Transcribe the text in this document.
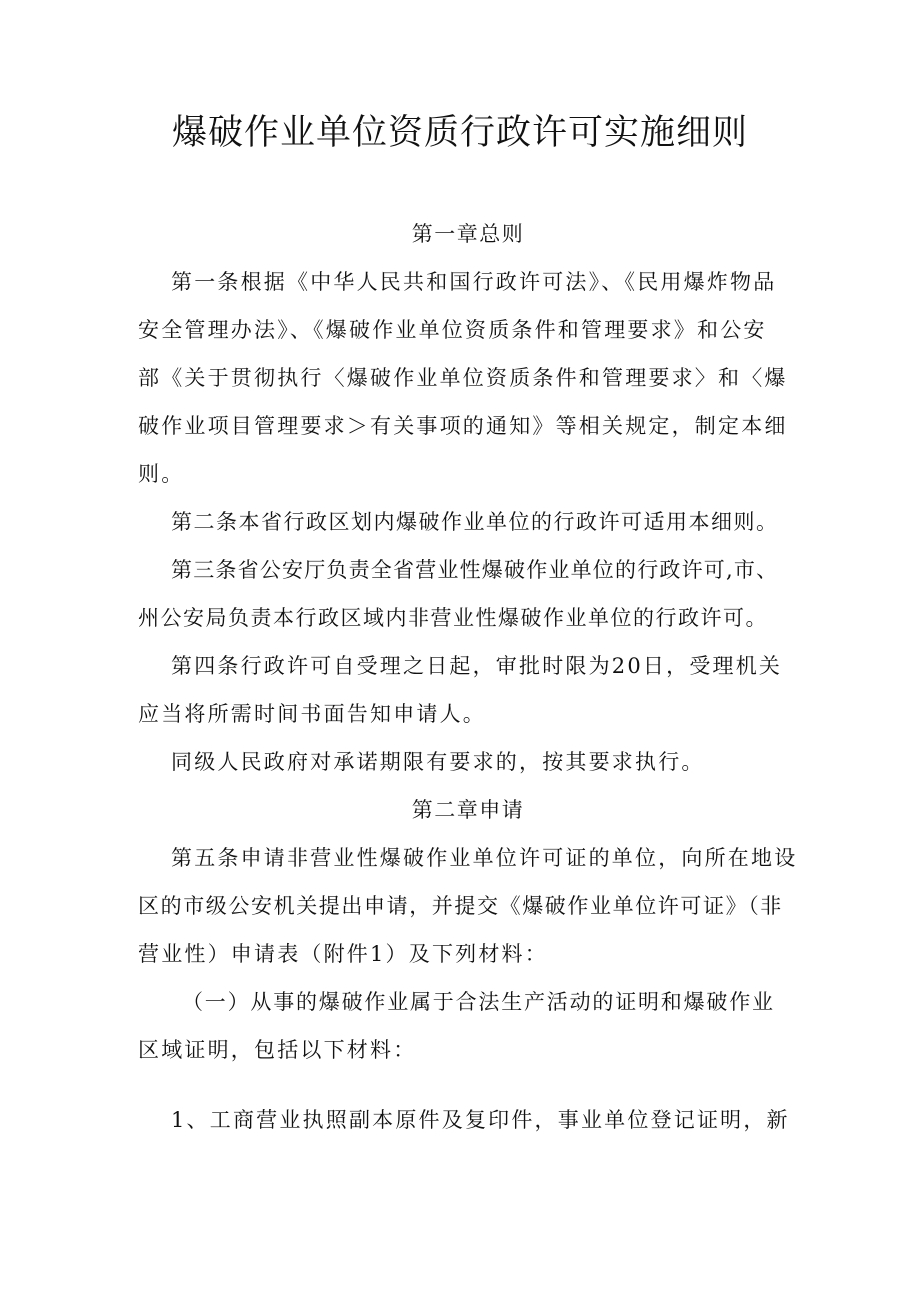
爆破作业单位资质行政许可实施细则

第一章总则

第一条根据《中华人民共和国行政许可法》、《民用爆炸物品

安全管理办法》、《爆破作业单位资质条件和管理要求》和公安

部《关于贯彻执行〈爆破作业单位资质条件和管理要求〉和〈爆

破作业项目管理要求＞有关事项的通知》等相关规定，制定本细

则。

第二条本省行政区划内爆破作业单位的行政许可适用本细则。

第三条省公安厅负责全省营业性爆破作业单位的行政许可,市、

州公安局负责本行政区域内非营业性爆破作业单位的行政许可。

第四条行政许可自受理之日起，审批时限为20日，受理机关

应当将所需时间书面告知申请人。

同级人民政府对承诺期限有要求的，按其要求执行。

第二章申请

第五条申请非营业性爆破作业单位许可证的单位，向所在地设

区的市级公安机关提出申请，并提交《爆破作业单位许可证》（非

营业性）申请表（附件1）及下列材料：

（一）从事的爆破作业属于合法生产活动的证明和爆破作业

区域证明，包括以下材料：

1、工商营业执照副本原件及复印件，事业单位登记证明，新
